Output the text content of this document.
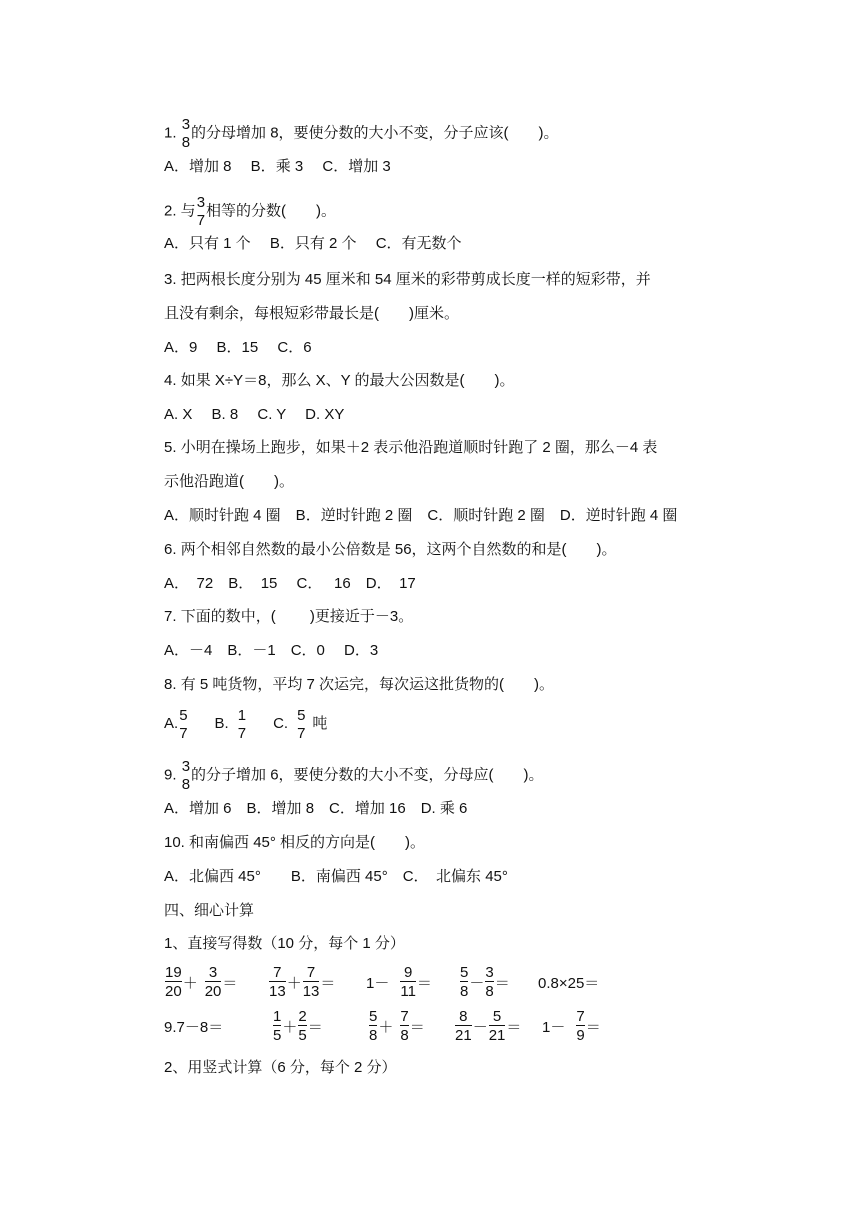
1. 3
8
的分母增加 8，要使分数的大小不变，分子应该(　　)。
A．增加 8　 B．乘 3　 C．增加 3
2. 与 3
7
相等的分数(　　)。
A．只有 1 个　 B．只有 2 个　 C．有无数个
3. 把两根长度分别为 45 厘米和 54 厘米的彩带剪成长度一样的短彩带，并
且没有剩余，每根短彩带最长是(　　)厘米。
A．9　 B．15　 C．6
4. 如果 X÷Y＝8，那么 X、Y 的最大公因数是(　　)。
A. X　 B. 8　 C. Y　 D. XY
5. 小明在操场上跑步，如果＋2 表示他沿跑道顺时针跑了 2 圈，那么－4 表
示他沿跑道(　　)。
A．顺时针跑 4 圈　B．逆时针跑 2 圈　C．顺时针跑 2 圈　D．逆时针跑 4 圈
6. 两个相邻自然数的最小公倍数是 56，这两个自然数的和是(　　)。
A．　72　B．　15　 C．　 16　D．　17
7. 下面的数中，(　　 )更接近于－3。
A．－4　B．－1　C．0　 D．3
8. 有 5 吨货物，平均 7 次运完，每次运这批货物的(　　)。
A. 5
7
B. 1
7
C. 5
7
吨
9. 3
8
的分子增加 6，要使分数的大小不变，分母应(　　)。
A．增加 6　B．增加 8　C．增加 16　D. 乘 6
10. 和南偏西 45° 相反的方向是(　　)。
A．北偏西 45°　　B．南偏西 45°　C．　北偏东 45°
四、细心计算
1、直接写得数（10 分，每个 1 分）
$\frac{19}{20} + \frac{3}{20} = \frac{7}{13} + \frac{7}{13} = 1- \frac{9}{11} = \frac{5}{8} - \frac{3}{8} = 0.8\times 25=$
9.7－8＝	$\frac{1}{5} + \frac{2}{5}$ ＝	$\frac{5}{8} + \frac{7}{8} = \frac{8}{21} - \frac{5}{21} = 1- \frac{7}{9}$ ＝
2、用竖式计算（6 分，每个 2 分）
